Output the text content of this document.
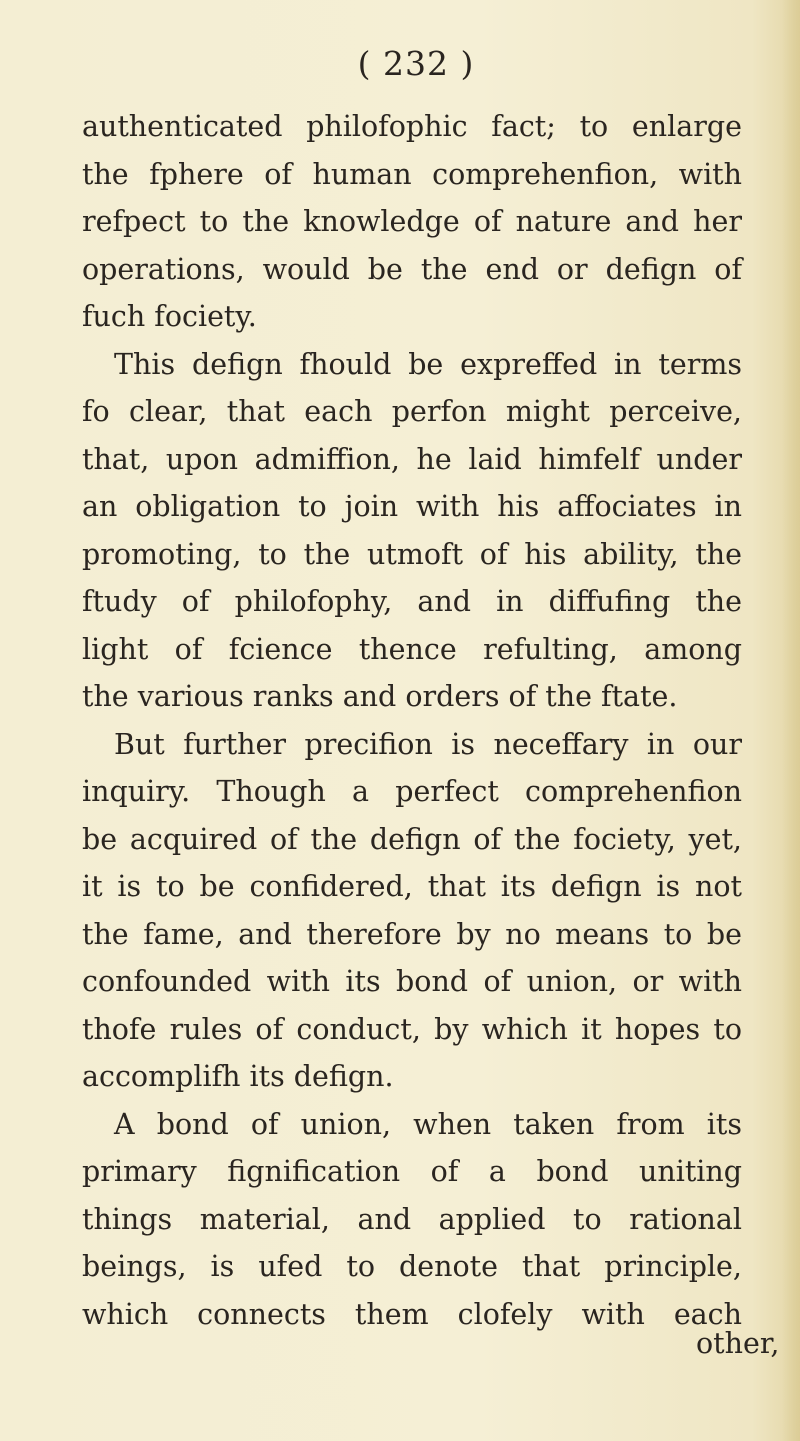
( 232 )
authenticated philofophic fact; to enlarge
the fphere of human comprehenfion, with
refpect to the knowledge of nature and her
operations, would be the end or defign of
fuch fociety.
This defign fhould be expreffed in terms
fo clear, that each perfon might perceive,
that, upon admiffion, he laid himfelf under
an obligation to join with his affociates in
promoting, to the utmoft of his ability, the
ftudy of philofophy, and in diffufing the
light of fcience thence refulting, among
the various ranks and orders of the ftate.
But further precifion is neceffary in our
inquiry. Though a perfect comprehenfion
be acquired of the defign of the fociety, yet,
it is to be confidered, that its defign is not
the fame, and therefore by no means to be
confounded with its bond of union, or with
thofe rules of conduct, by which it hopes to
accomplifh its defign.
A bond of union, when taken from its
primary fignification of a bond uniting
things material, and applied to rational
beings, is ufed to denote that principle,
which connects them clofely with each
other,
